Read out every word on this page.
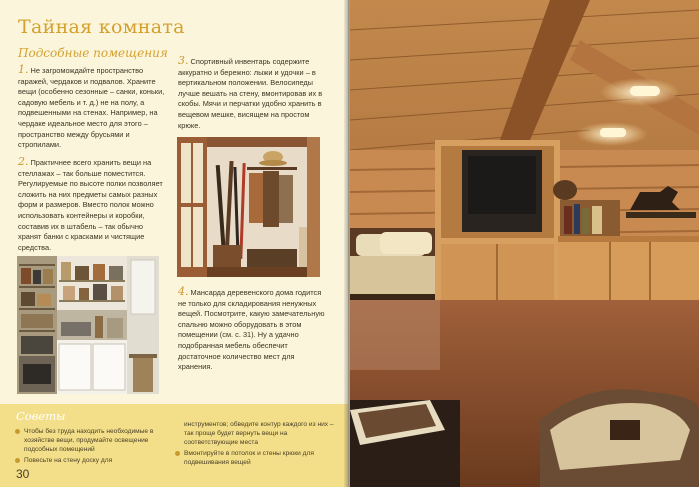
Тайная комната
Подсобные помещения

1. Не загромождайте пространство гаражей, чердаков и подвалов. Храните вещи (особенно сезонные – санки, коньки, садовую мебель и т. д.) не на полу, а подвешенными на стенах. Например, на чердаке идеальное место для этого – пространство между брусьями и стропилами.

2. Практичнее всего хранить вещи на стеллажах – так больше поместится. Регулируемые по высоте полки позволяет сложить на них предметы самых разных форм и размеров. Вместо полок можно использовать контейнеры и коробки, составив их в штабель – так обычно хранят банки с красками и чистящие средства.

3. Спортивный инвентарь содержите аккуратно и бережно: лыжи и удочки – в вертикальном положении. Велосипеды лучше вешать на стену, вмонтировав их в скобы. Мячи и перчатки удобно хранить в вещевом мешке, висящем на простом крюке.

4. Мансарда деревенского дома годится не только для складирования ненужных вещей. Посмотрите, какую замечательную спальню можно оборудовать в этом помещении (см. с. 31). Ну а удачно подобранная мебель обеспечит достаточное количество мест для хранения.

Советы
Чтобы без труда находить необходимые в хозяйстве вещи, продумайте освещение подсобных помещений
Повесьте на стену доску для
инструментов; обведите контур каждого из них – так проще будет вернуть вещи на соответствующие места
Вмонтируйте в потолок и стены крюки для подвешивания вещей
30
